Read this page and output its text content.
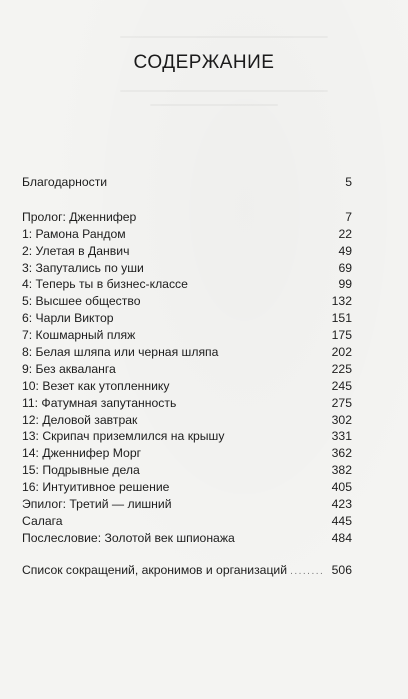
СОДЕРЖАНИЕ
Благодарности	5
Пролог: Дженнифер	7
1: Рамона Рандом	22
2: Улетая в Данвич	49
3: Запутались по уши	69
4: Теперь ты в бизнес-классе	99
5: Высшее общество	132
6: Чарли Виктор	151
7: Кошмарный пляж	175
8: Белая шляпа или черная шляпа	202
9: Без акваланга	225
10: Везет как утопленнику	245
11: Фатумная запутанность	275
12: Деловой завтрак	302
13: Скрипач приземлился на крышу	331
14: Дженнифер Морг	362
15: Подрывные дела	382
16: Интуитивное решение	405
Эпилог: Третий — лишний	423
Салага	445
Послесловие: Золотой век шпионажа	484
Список сокращений, акронимов и организаций ........ 506
